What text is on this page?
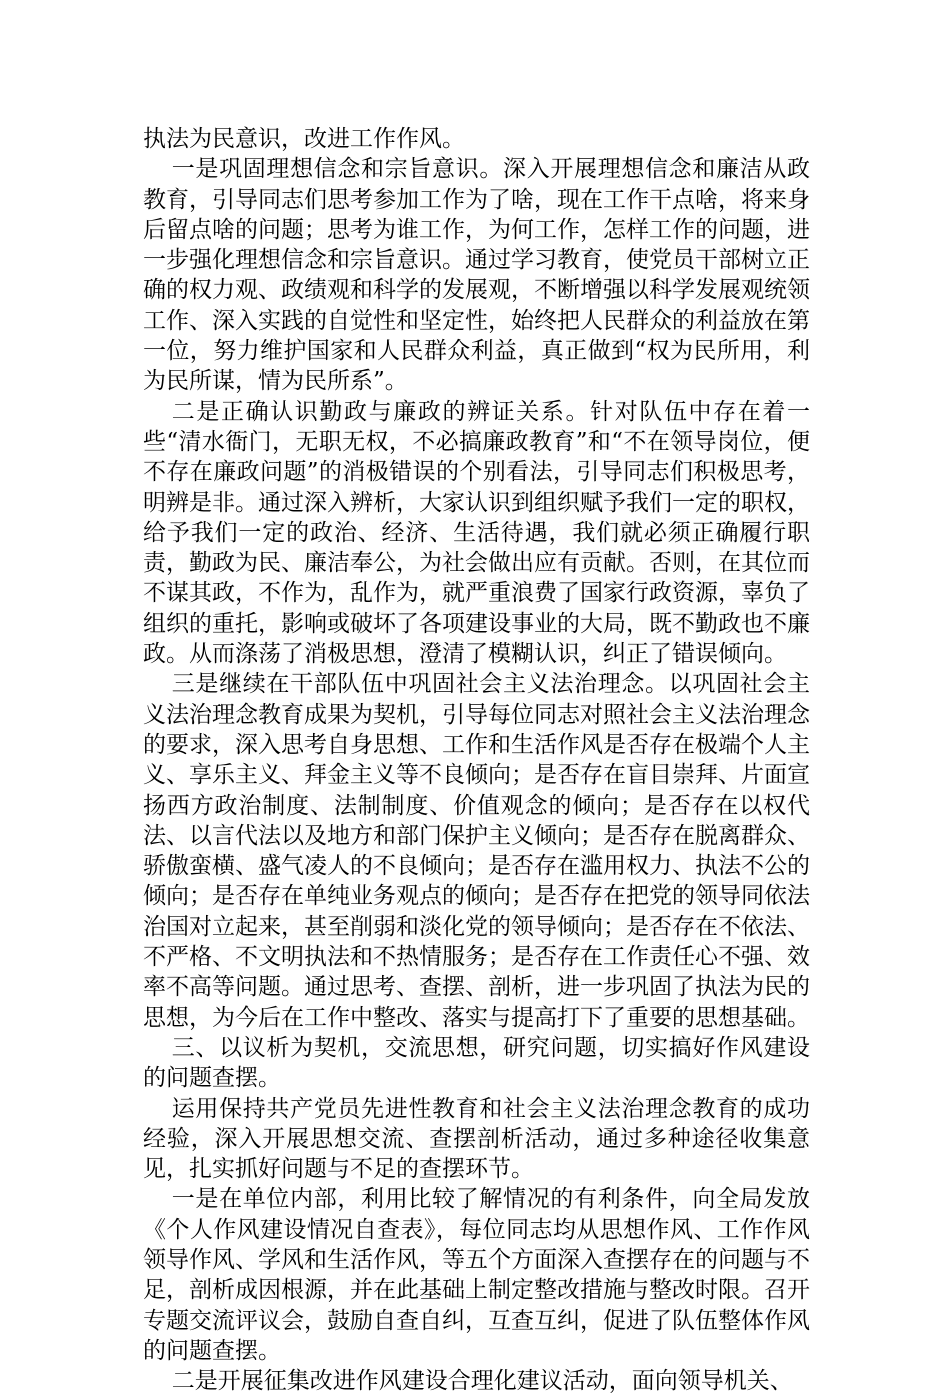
执法为民意识，改进工作作风。

一是巩固理想信念和宗旨意识。深入开展理想信念和廉洁从政教育，引导同志们思考参加工作为了啥，现在工作干点啥，将来身后留点啥的问题；思考为谁工作，为何工作，怎样工作的问题，进一步强化理想信念和宗旨意识。通过学习教育，使党员干部树立正确的权力观、政绩观和科学的发展观，不断增强以科学发展观统领工作、深入实践的自觉性和坚定性，始终把人民群众的利益放在第一位，努力维护国家和人民群众利益，真正做到“权为民所用，利为民所谋，情为民所系”。

二是正确认识勤政与廉政的辨证关系。针对队伍中存在着一些“清水衙门，无职无权，不必搞廉政教育”和“不在领导岗位，便不存在廉政问题”的消极错误的个别看法，引导同志们积极思考，明辨是非。通过深入辨析，大家认识到组织赋予我们一定的职权，给予我们一定的政治、经济、生活待遇，我们就必须正确履行职责，勤政为民、廉洁奉公，为社会做出应有贡献。否则，在其位而不谋其政，不作为，乱作为，就严重浪费了国家行政资源，辜负了组织的重托，影响或破坏了各项建设事业的大局，既不勤政也不廉政。从而涤荡了消极思想，澄清了模糊认识，纠正了错误倾向。

三是继续在干部队伍中巩固社会主义法治理念。以巩固社会主义法治理念教育成果为契机，引导每位同志对照社会主义法治理念的要求，深入思考自身思想、工作和生活作风是否存在极端个人主义、享乐主义、拜金主义等不良倾向；是否存在盲目崇拜、片面宣扬西方政治制度、法制制度、价值观念的倾向；是否存在以权代法、以言代法以及地方和部门保护主义倾向；是否存在脱离群众、骄傲蛮横、盛气凌人的不良倾向；是否存在滥用权力、执法不公的倾向；是否存在单纯业务观点的倾向；是否存在把党的领导同依法治国对立起来，甚至削弱和淡化党的领导倾向；是否存在不依法、不严格、不文明执法和不热情服务；是否存在工作责任心不强、效率不高等问题。通过思考、查摆、剖析，进一步巩固了执法为民的思想，为今后在工作中整改、落实与提高打下了重要的思想基础。

三、以议析为契机，交流思想，研究问题，切实搞好作风建设的问题查摆。

运用保持共产党员先进性教育和社会主义法治理念教育的成功经验，深入开展思想交流、查摆剖析活动，通过多种途径收集意见，扎实抓好问题与不足的查摆环节。

一是在单位内部，利用比较了解情况的有利条件，向全局发放《个人作风建设情况自查表》，每位同志均从思想作风、工作作风领导作风、学风和生活作风，等五个方面深入查摆存在的问题与不足，剖析成因根源，并在此基础上制定整改措施与整改时限。召开专题交流评议会，鼓励自查自纠，互查互纠，促进了队伍整体作风的问题查摆。

二是开展征集改进作风建设合理化建议活动，面向领导机关、
